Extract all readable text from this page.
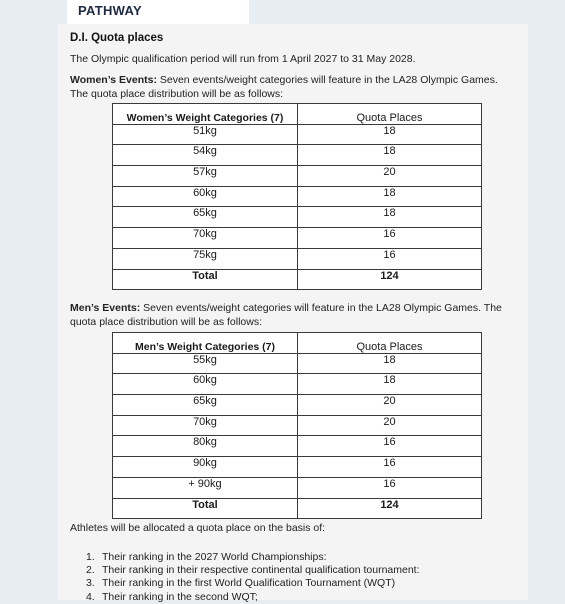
PATHWAY
D.I. Quota places
The Olympic qualification period will run from 1 April 2027 to 31 May 2028.
Women’s Events: Seven events/weight categories will feature in the LA28 Olympic Games. The quota place distribution will be as follows:
Women’s Weight Categories (7)	Quota Places
51kg	18
54kg	18
57kg	20
60kg	18
65kg	18
70kg	16
75kg	16
Total	124
Men’s Events: Seven events/weight categories will feature in the LA28 Olympic Games. The quota place distribution will be as follows:
Men’s Weight Categories (7)	Quota Places
55kg	18
60kg	18
65kg	20
70kg	20
80kg	16
90kg	16
+ 90kg	16
Total	124
Athletes will be allocated a quota place on the basis of:
1. Their ranking in the 2027 World Championships:
2. Their ranking in their respective continental qualification tournament:
3. Their ranking in the first World Qualification Tournament (WQT)
4. Their ranking in the second WQT;
